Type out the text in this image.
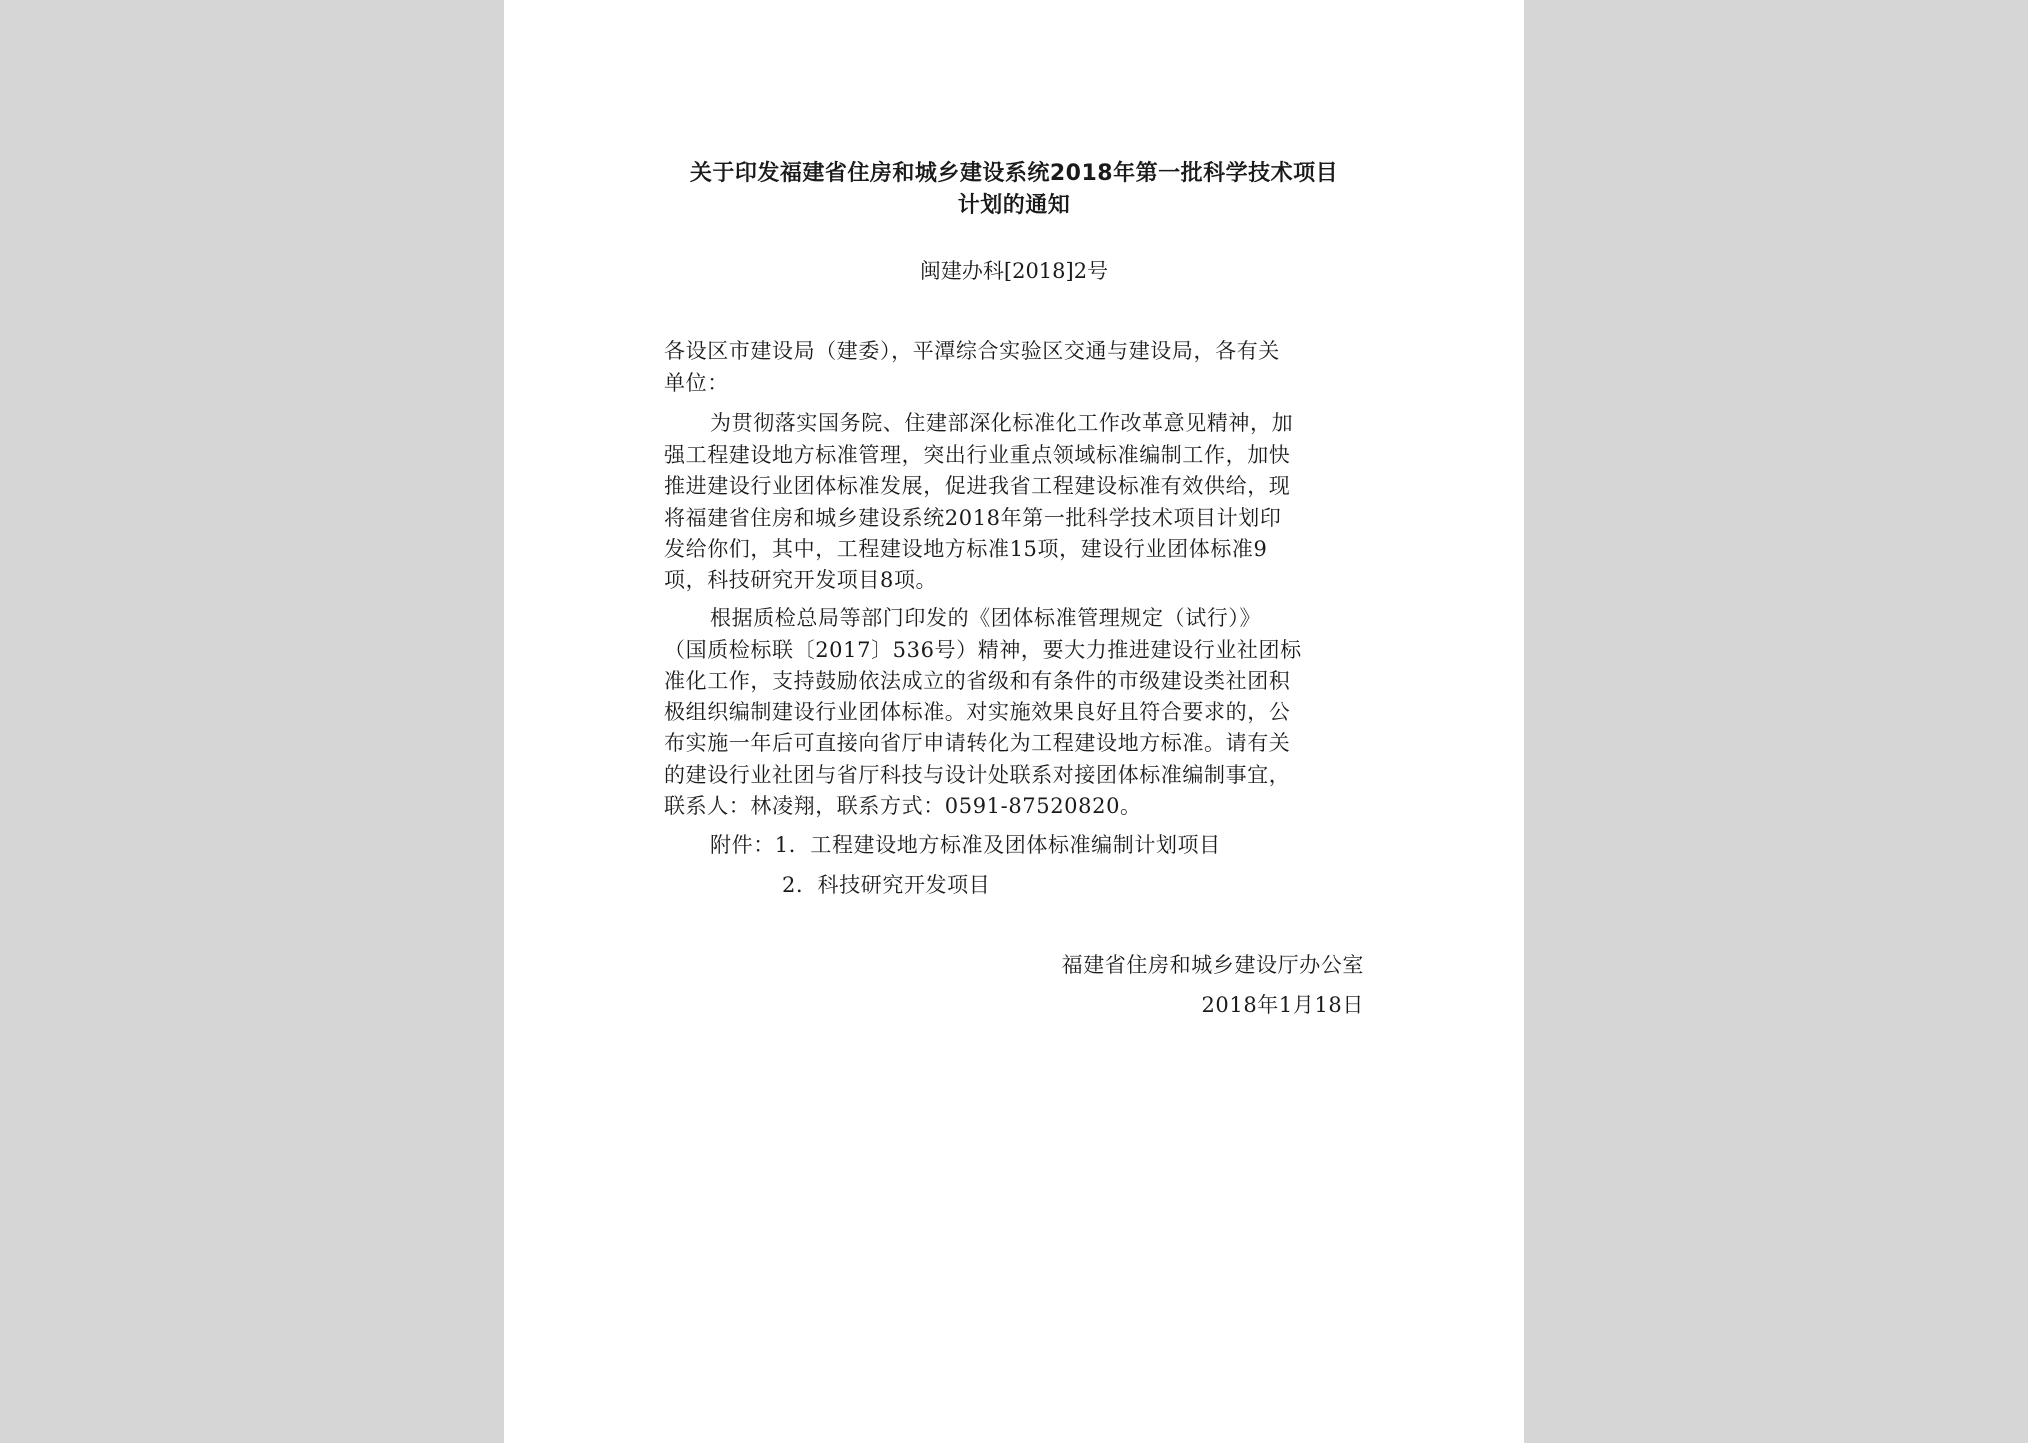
关于印发福建省住房和城乡建设系统2018年第一批科学技术项目
计划的通知
闽建办科[2018]2号
各设区市建设局（建委），平潭综合实验区交通与建设局，各有关
单位：
为贯彻落实国务院、住建部深化标准化工作改革意见精神，加
强工程建设地方标准管理，突出行业重点领域标准编制工作，加快
推进建设行业团体标准发展，促进我省工程建设标准有效供给，现
将福建省住房和城乡建设系统2018年第一批科学技术项目计划印
发给你们，其中，工程建设地方标准15项，建设行业团体标准9
项，科技研究开发项目8项。
根据质检总局等部门印发的《团体标准管理规定（试行）》
（国质检标联〔2017〕536号）精神，要大力推进建设行业社团标
准化工作，支持鼓励依法成立的省级和有条件的市级建设类社团积
极组织编制建设行业团体标准。对实施效果良好且符合要求的，公
布实施一年后可直接向省厅申请转化为工程建设地方标准。请有关
的建设行业社团与省厅科技与设计处联系对接团体标准编制事宜，
联系人：林凌翔，联系方式：0591-87520820。
附件：1．工程建设地方标准及团体标准编制计划项目
2．科技研究开发项目
福建省住房和城乡建设厅办公室
2018年1月18日
